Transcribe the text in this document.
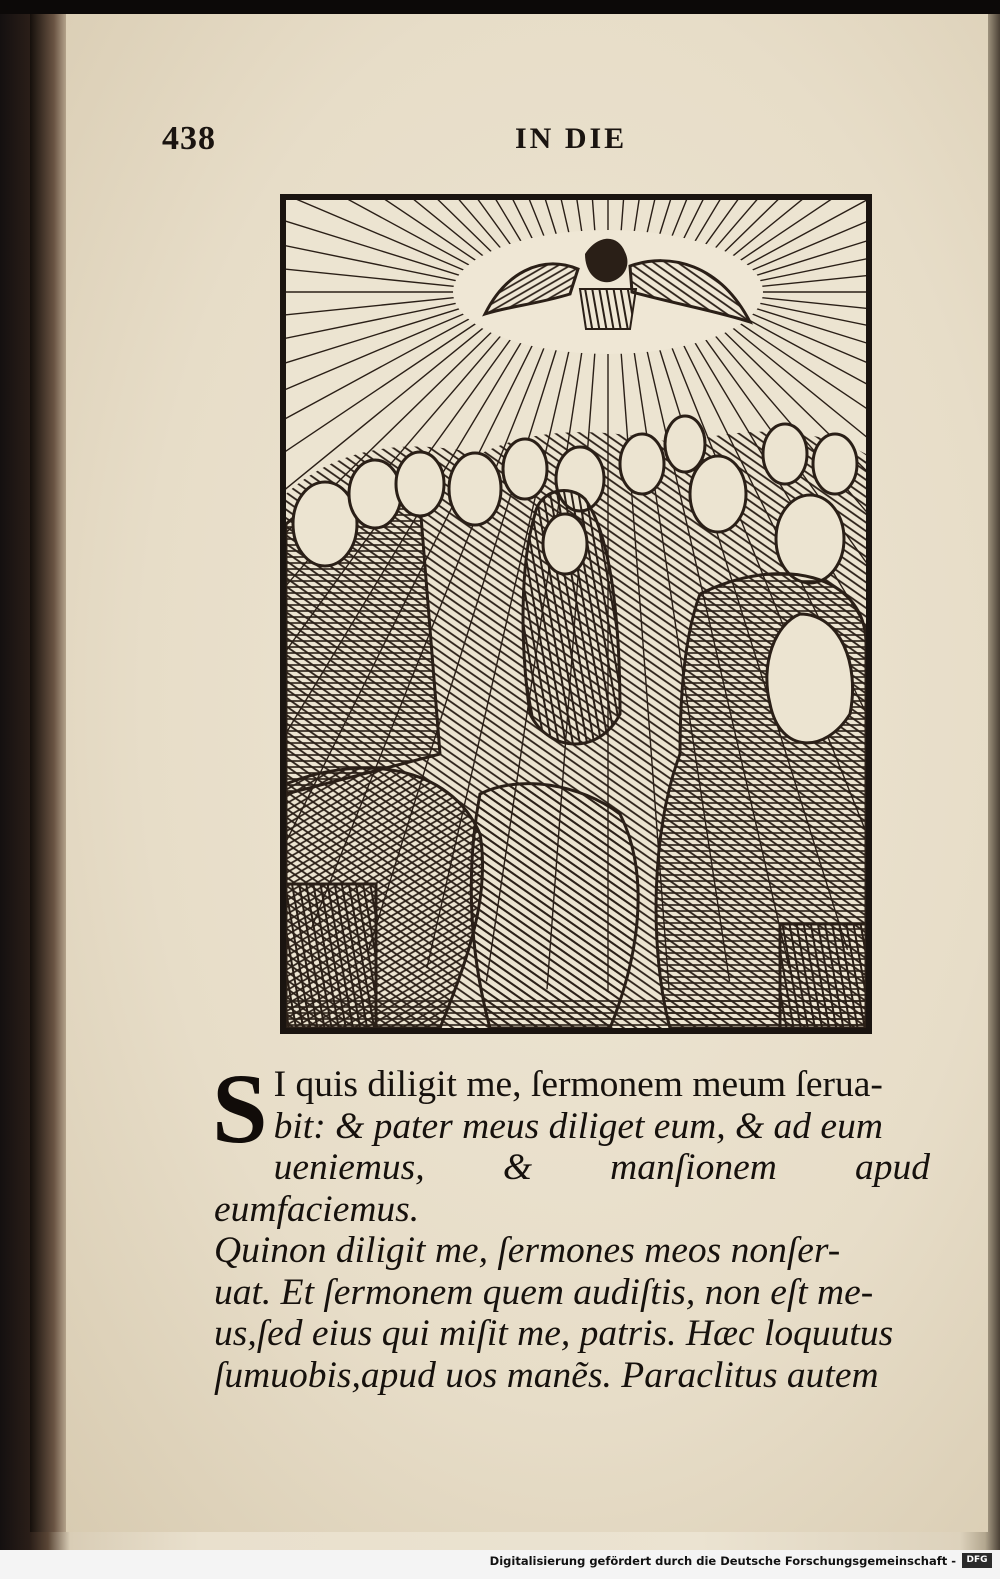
438	IN DIE
S I quis diligit me, ſermonem meum ſerua-
bit: & pater meus diliget eum, & ad eum
ueniemus, & manſionem apud eumfaciemus.
Quinon diligit me, ſermones meos nonſer-
uat. Et ſermonem quem audiſtis, non eſt me-
us,ſed eius qui miſit me, patris. Hæc loquutus
ſumuobis,apud uos manẽs. Paraclitus autem
Digitalisierung gefördert durch die Deutsche Forschungsgemeinschaft -	DFG
